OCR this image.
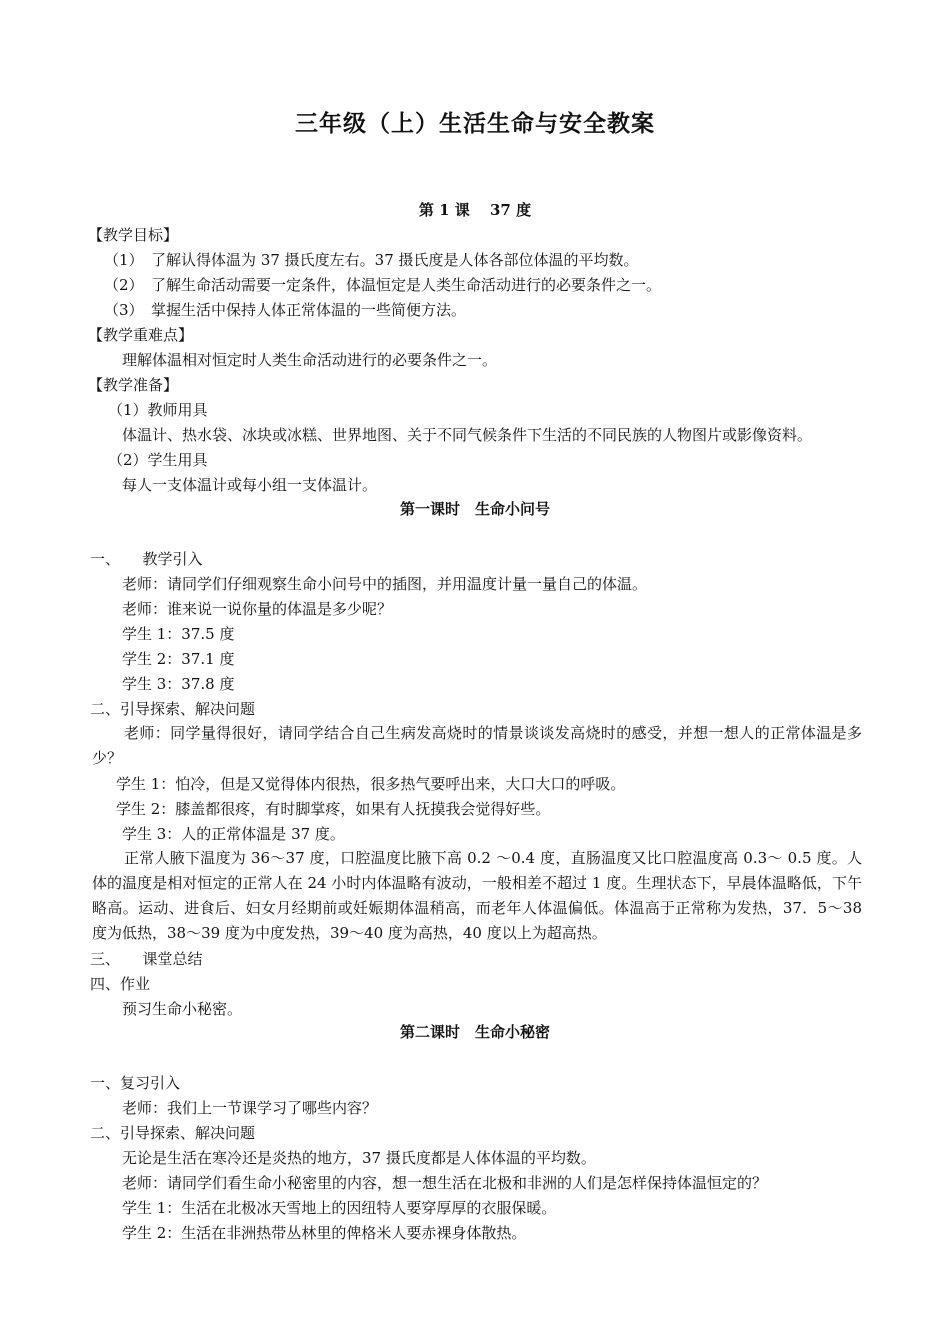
三年级（上）生活生命与安全教案
第 1 课　 37 度
【教学目标】
（1）　了解认得体温为 37 摄氏度左右。37 摄氏度是人体各部位体温的平均数。
（2）　了解生命活动需要一定条件，体温恒定是人类生命活动进行的必要条件之一。
（3）　掌握生活中保持人体正常体温的一些简便方法。
【教学重难点】
理解体温相对恒定时人类生命活动进行的必要条件之一。
【教学准备】
（1）教师用具
体温计、热水袋、冰块或冰糕、世界地图、关于不同气候条件下生活的不同民族的人物图片或影像资料。
（2）学生用具
每人一支体温计或每小组一支体温计。
第一课时　生命小问号
一、　　教学引入
老师：请同学们仔细观察生命小问号中的插图，并用温度计量一量自己的体温。
老师：谁来说一说你量的体温是多少呢？
学生 1：37.5 度
学生 2：37.1 度
学生 3：37.8 度
二、引导探索、解决问题
老师：同学量得很好，请同学结合自己生病发高烧时的情景谈谈发高烧时的感受，并想一想人的正常体温是多少？
学生 1：怕冷，但是又觉得体内很热，很多热气要呼出来，大口大口的呼吸。
学生 2：膝盖都很疼，有时脚掌疼，如果有人抚摸我会觉得好些。
学生 3：人的正常体温是 37 度。
正常人腋下温度为 36～37 度，口腔温度比腋下高 0.2 ～0.4 度，直肠温度又比口腔温度高 0.3～ 0.5 度。人体的温度是相对恒定的正常人在 24 小时内体温略有波动，一般相差不超过 1 度。生理状态下，早晨体温略低，下午略高。运动、进食后、妇女月经期前或妊娠期体温稍高，而老年人体温偏低。体温高于正常称为发热，37．5～38 度为低热，38～39 度为中度发热，39～40 度为高热，40 度以上为超高热。
三、　　课堂总结
四、作业
预习生命小秘密。
第二课时　生命小秘密
一、复习引入
老师：我们上一节课学习了哪些内容？
二、引导探索、解决问题
无论是生活在寒冷还是炎热的地方，37 摄氏度都是人体体温的平均数。
老师：请同学们看生命小秘密里的内容，想一想生活在北极和非洲的人们是怎样保持体温恒定的？
学生 1：生活在北极冰天雪地上的因纽特人要穿厚厚的衣服保暖。
学生 2：生活在非洲热带丛林里的俾格米人要赤裸身体散热。
